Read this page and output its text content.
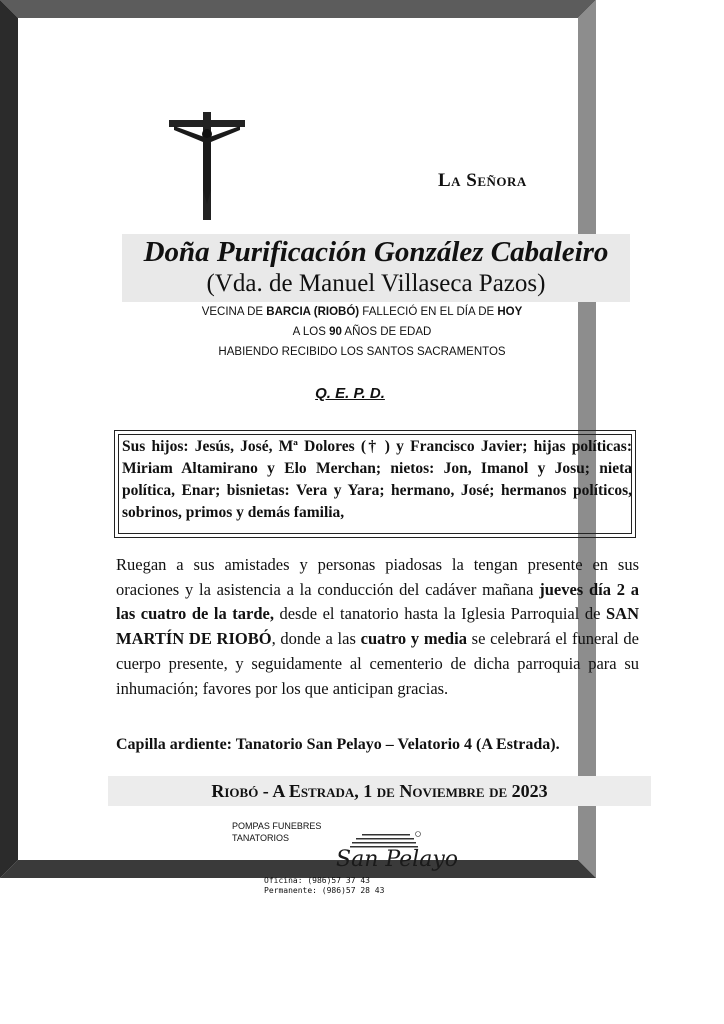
La Señora
Doña Purificación González Cabaleiro
(Vda. de Manuel Villaseca Pazos)
VECINA DE BARCIA (RIOBÓ) FALLECIÓ EN EL DÍA DE HOY
A LOS 90 AÑOS DE EDAD
HABIENDO RECIBIDO LOS SANTOS SACRAMENTOS
Q. E. P. D.
Sus hijos: Jesús, José, Mª Dolores († ) y Francisco Javier; hijas políticas: Miriam Altamirano y Elo Merchan; nietos: Jon, Imanol y Josu; nieta política, Enar; bisnietas: Vera y Yara; hermano, José; hermanos políticos, sobrinos, primos y demás familia,
Ruegan a sus amistades y personas piadosas la tengan presente en sus oraciones y la asistencia a la conducción del cadáver mañana jueves día 2 a las cuatro de la tarde, desde el tanatorio hasta la Iglesia Parroquial de SAN MARTÍN DE RIOBÓ, donde a las cuatro y media se celebrará el funeral de cuerpo presente, y seguidamente al cementerio de dicha parroquia para su inhumación; favores por los que anticipan gracias.
Capilla ardiente: Tanatorio San Pelayo – Velatorio 4 (A Estrada).
Riobó - A Estrada, 1 de Noviembre de 2023
POMPAS FUNEBRES
TANATORIOS
San Pelayo
Oficina: (986)57 37 43
Permanente: (986)57 28 43
